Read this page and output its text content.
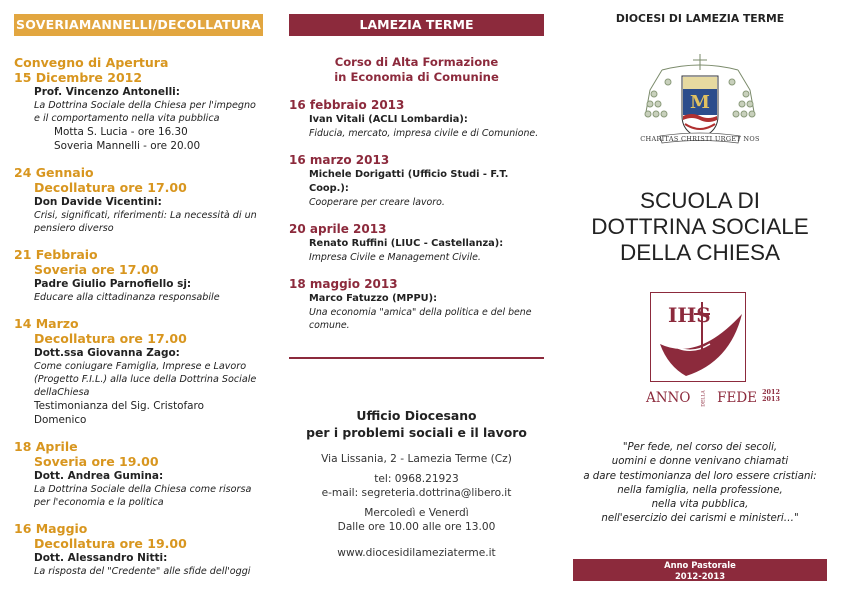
SOVERIAMANNELLI/DECOLLATURA
Convegno di Apertura
15 Dicembre 2012
Prof. Vincenzo Antonelli:
La Dottrina Sociale della Chiesa per l'impegno
e il comportamento nella vita pubblica
Motta S. Lucia - ore 16.30
Soveria Mannelli - ore 20.00
24 Gennaio
Decollatura ore 17.00
Don Davide Vicentini:
Crisi, significati, riferimenti: La necessità di un
pensiero diverso
21 Febbraio
Soveria ore 17.00
Padre Giulio Parnofiello sj:
Educare alla cittadinanza responsabile
14 Marzo
Decollatura ore 17.00
Dott.ssa Giovanna Zago:
Come coniugare Famiglia, Imprese e Lavoro
(Progetto F.I.L.) alla luce della Dottrina Sociale
dellaChiesa
Testimonianza del Sig. Cristofaro
Domenico
18 Aprile
Soveria ore 19.00
Dott. Andrea Gumina:
La Dottrina Sociale della Chiesa come risorsa
per l'economia e la politica
16 Maggio
Decollatura ore 19.00
Dott. Alessandro Nitti:
La risposta del "Credente" alle sfide dell'oggi
LAMEZIA TERME
Corso di Alta Formazione
in Economia di Comunine
16 febbraio 2013
Ivan Vitali (ACLI Lombardia):
Fiducia, mercato, impresa civile e di Comunione.
16 marzo 2013
Michele Dorigatti (Ufficio Studi - F.T. Coop.):
Cooperare per creare lavoro.
20 aprile 2013
Renato Ruffini (LIUC - Castellanza):
Impresa Civile e Management Civile.
18 maggio 2013
Marco Fatuzzo (MPPU):
Una economia "amica" della politica e del bene
comune.
Ufficio Diocesano
per i problemi sociali e il lavoro
Via Lissania, 2 - Lamezia Terme (Cz)
tel: 0968.21923
e-mail: segreteria.dottrina@libero.it
Mercoledì e Venerdì
Dalle ore 10.00 alle ore 13.00
www.diocesidilameziaterme.it
DIOCESI DI LAMEZIA TERME
M
CHARITAS CHRISTI URGET NOS
SCUOLA DI
DOTTRINA SOCIALE
DELLA CHIESA
IHS
ANNO DELLA FEDE 2012
2013
"Per fede, nel corso dei secoli,
uomini e donne venivano chiamati
a dare testimonianza del loro essere cristiani:
nella famiglia, nella professione,
nella vita pubblica,
nell'esercizio dei carismi e ministeri…"
Anno Pastorale
2012-2013
